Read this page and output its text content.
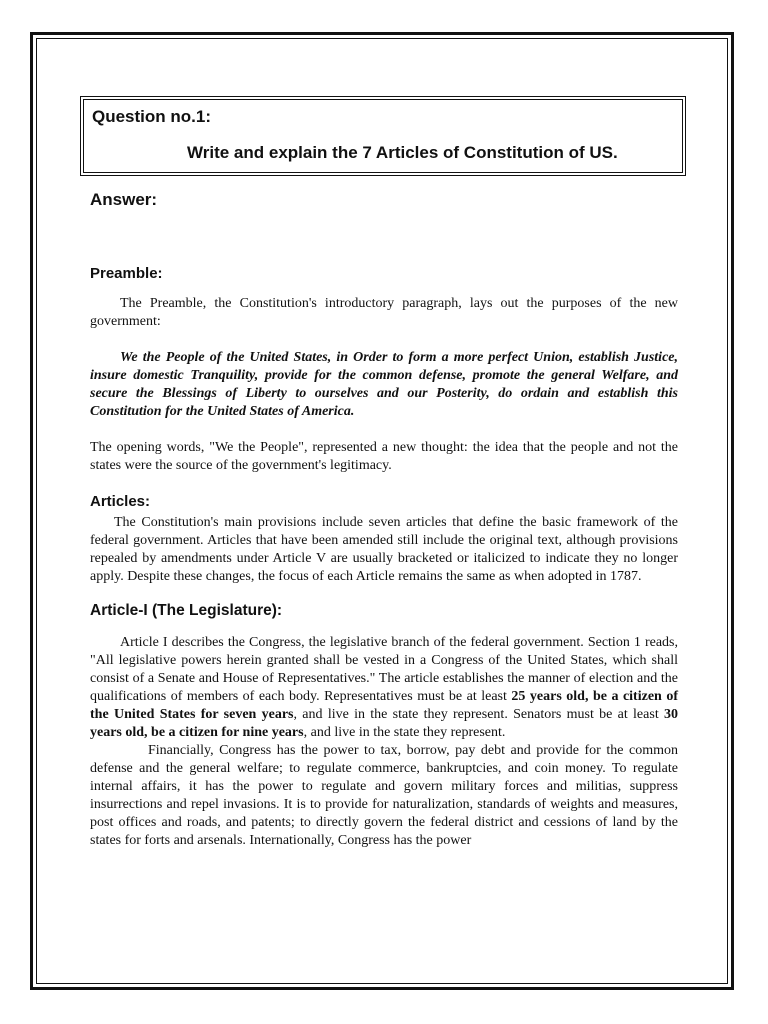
Question no.1:

Write and explain the 7 Articles of Constitution of US.

Answer:

Preamble:

The Preamble, the Constitution's introductory paragraph, lays out the purposes of the new government:

We the People of the United States, in Order to form a more perfect Union, establish Justice, insure domestic Tranquility, provide for the common defense, promote the general Welfare, and secure the Blessings of Liberty to ourselves and our Posterity, do ordain and establish this Constitution for the United States of America.

The opening words, "We the People", represented a new thought: the idea that the people and not the states were the source of the government's legitimacy.

Articles:

The Constitution's main provisions include seven articles that define the basic framework of the federal government. Articles that have been amended still include the original text, although provisions repealed by amendments under Article V are usually bracketed or italicized to indicate they no longer apply. Despite these changes, the focus of each Article remains the same as when adopted in 1787.

Article-I (The Legislature):

Article I describes the Congress, the legislative branch of the federal government. Section 1 reads, "All legislative powers herein granted shall be vested in a Congress of the United States, which shall consist of a Senate and House of Representatives." The article establishes the manner of election and the qualifications of members of each body. Representatives must be at least 25 years old, be a citizen of the United States for seven years, and live in the state they represent. Senators must be at least 30 years old, be a citizen for nine years, and live in the state they represent.

Financially, Congress has the power to tax, borrow, pay debt and provide for the common defense and the general welfare; to regulate commerce, bankruptcies, and coin money. To regulate internal affairs, it has the power to regulate and govern military forces and militias, suppress insurrections and repel invasions. It is to provide for naturalization, standards of weights and measures, post offices and roads, and patents; to directly govern the federal district and cessions of land by the states for forts and arsenals. Internationally, Congress has the power
